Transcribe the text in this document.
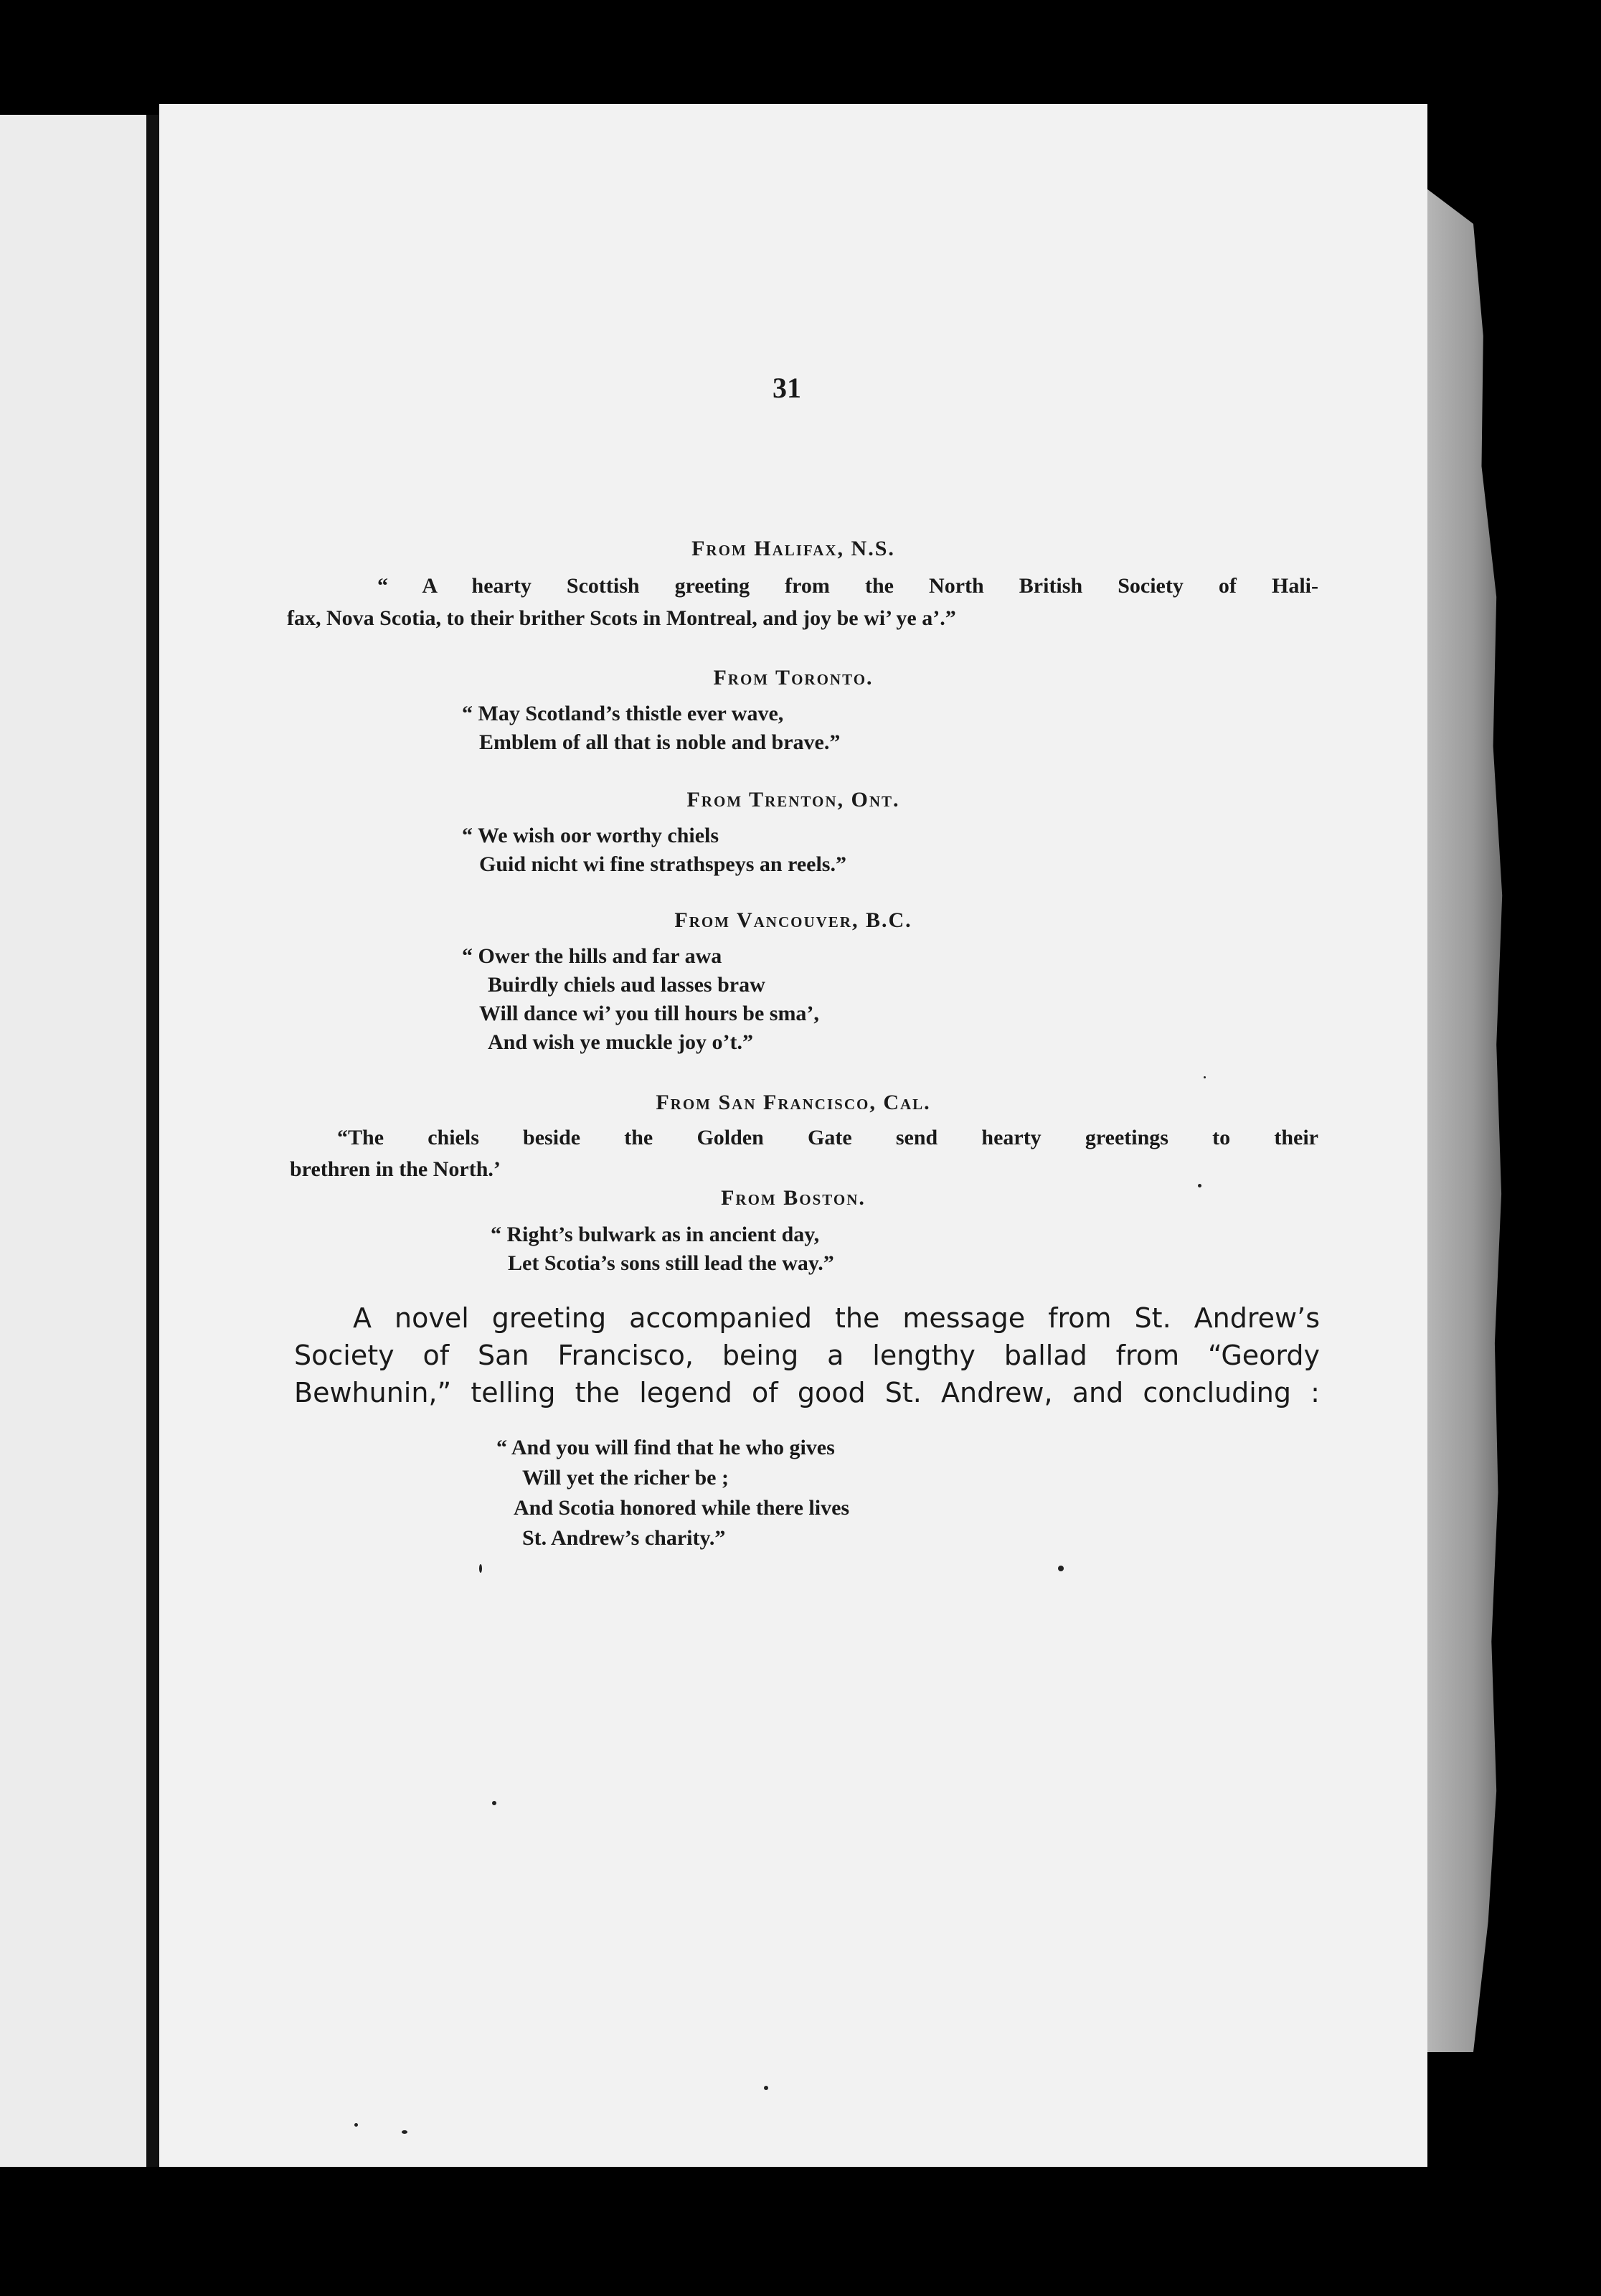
31
From Halifax, N.S.
“ A hearty Scottish greeting from the North British Society of Hali-
fax, Nova Scotia, to their brither Scots in Montreal, and joy be wi’ ye a’.”
From Toronto.
“ May Scotland’s thistle ever wave,
Emblem of all that is noble and brave.”
From Trenton, Ont.
“ We wish oor worthy chiels
Guid nicht wi fine strathspeys an reels.”
From Vancouver, B.C.
“ Ower the hills and far awa
Buirdly chiels aud lasses braw
Will dance wi’ you till hours be sma’,
And wish ye muckle joy o’t.”
From San Francisco, Cal.
“The chiels beside the Golden Gate send hearty greetings to their
brethren in the North.’
From Boston.
“ Right’s bulwark as in ancient day,
Let Scotia’s sons still lead the way.”
A novel greeting accompanied the message from St. Andrew’s
Society of San Francisco, being a lengthy ballad from “Geordy
Bewhunin,” telling the legend of good St. Andrew, and concluding :
“ And you will find that he who gives
Will yet the richer be ;
And Scotia honored while there lives
St. Andrew’s charity.”
